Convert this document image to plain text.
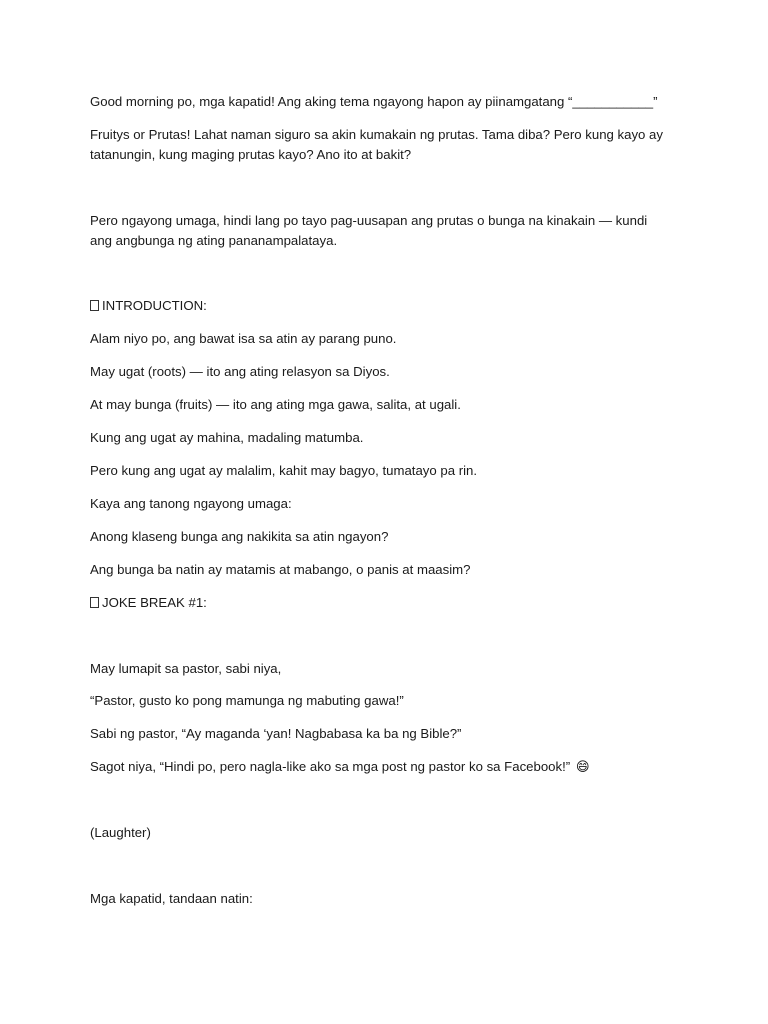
Good morning po, mga kapatid! Ang aking tema ngayong hapon ay piinamgatang “___________”
Fruitys or Prutas! Lahat naman siguro sa akin kumakain ng prutas. Tama diba? Pero kung kayo ay tatanungin, kung maging prutas kayo? Ano ito at bakit?
Pero ngayong umaga, hindi lang po tayo pag-uusapan ang prutas o bunga na kinakain — kundi ang angbunga ng ating pananampalataya.
INTRODUCTION:
Alam niyo po, ang bawat isa sa atin ay parang puno.
May ugat (roots) — ito ang ating relasyon sa Diyos.
At may bunga (fruits) — ito ang ating mga gawa, salita, at ugali.
Kung ang ugat ay mahina, madaling matumba.
Pero kung ang ugat ay malalim, kahit may bagyo, tumatayo pa rin.
Kaya ang tanong ngayong umaga:
Anong klaseng bunga ang nakikita sa atin ngayon?
Ang bunga ba natin ay matamis at mabango, o panis at maasim?
JOKE BREAK #1:
May lumapit sa pastor, sabi niya,
“Pastor, gusto ko pong mamunga ng mabuting gawa!”
Sabi ng pastor, “Ay maganda ‘yan! Nagbabasa ka ba ng Bible?”
Sagot niya, “Hindi po, pero nagla-like ako sa mga post ng pastor ko sa Facebook!” 😄
(Laughter)
Mga kapatid, tandaan natin:
